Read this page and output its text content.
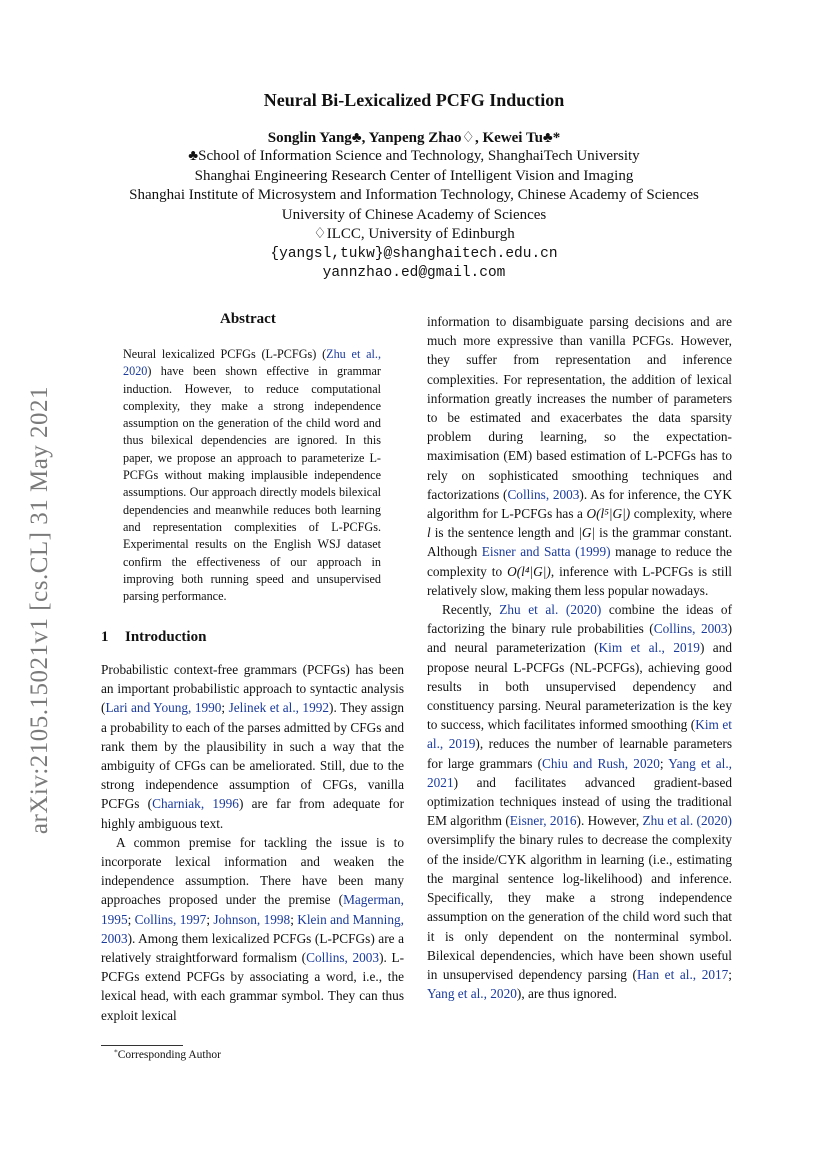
arXiv:2105.15021v1 [cs.CL] 31 May 2021
Neural Bi-Lexicalized PCFG Induction
Songlin Yang♣, Yanpeng Zhao♢, Kewei Tu♣*
♣School of Information Science and Technology, ShanghaiTech University
Shanghai Engineering Research Center of Intelligent Vision and Imaging
Shanghai Institute of Microsystem and Information Technology, Chinese Academy of Sciences
University of Chinese Academy of Sciences
♢ILCC, University of Edinburgh
{yangsl,tukw}@shanghaitech.edu.cn
yannzhao.ed@gmail.com
Abstract
Neural lexicalized PCFGs (L-PCFGs) (Zhu et al., 2020) have been shown effective in grammar induction. However, to reduce computational complexity, they make a strong independence assumption on the generation of the child word and thus bilexical dependencies are ignored. In this paper, we propose an approach to parameterize L-PCFGs without making implausible independence assumptions. Our approach directly models bilexical dependencies and meanwhile reduces both learning and representation complexities of L-PCFGs. Experimental results on the English WSJ dataset confirm the effectiveness of our approach in improving both running speed and unsupervised parsing performance.
1 Introduction

Probabilistic context-free grammars (PCFGs) has been an important probabilistic approach to syntactic analysis (Lari and Young, 1990; Jelinek et al., 1992). They assign a probability to each of the parses admitted by CFGs and rank them by the plausibility in such a way that the ambiguity of CFGs can be ameliorated. Still, due to the strong independence assumption of CFGs, vanilla PCFGs (Charniak, 1996) are far from adequate for highly ambiguous text.

A common premise for tackling the issue is to incorporate lexical information and weaken the independence assumption. There have been many approaches proposed under the premise (Magerman, 1995; Collins, 1997; Johnson, 1998; Klein and Manning, 2003). Among them lexicalized PCFGs (L-PCFGs) are a relatively straightforward formalism (Collins, 2003). L-PCFGs extend PCFGs by associating a word, i.e., the lexical head, with each grammar symbol. They can thus exploit lexical

information to disambiguate parsing decisions and are much more expressive than vanilla PCFGs. However, they suffer from representation and inference complexities. For representation, the addition of lexical information greatly increases the number of parameters to be estimated and exacerbates the data sparsity problem during learning, so the expectation-maximisation (EM) based estimation of L-PCFGs has to rely on sophisticated smoothing techniques and factorizations (Collins, 2003). As for inference, the CYK algorithm for L-PCFGs has a O(l⁵|G|) complexity, where l is the sentence length and |G| is the grammar constant. Although Eisner and Satta (1999) manage to reduce the complexity to O(l⁴|G|), inference with L-PCFGs is still relatively slow, making them less popular nowadays.

Recently, Zhu et al. (2020) combine the ideas of factorizing the binary rule probabilities (Collins, 2003) and neural parameterization (Kim et al., 2019) and propose neural L-PCFGs (NL-PCFGs), achieving good results in both unsupervised dependency and constituency parsing. Neural parameterization is the key to success, which facilitates informed smoothing (Kim et al., 2019), reduces the number of learnable parameters for large grammars (Chiu and Rush, 2020; Yang et al., 2021) and facilitates advanced gradient-based optimization techniques instead of using the traditional EM algorithm (Eisner, 2016). However, Zhu et al. (2020) oversimplify the binary rules to decrease the complexity of the inside/CYK algorithm in learning (i.e., estimating the marginal sentence log-likelihood) and inference. Specifically, they make a strong independence assumption on the generation of the child word such that it is only dependent on the nonterminal symbol. Bilexical dependencies, which have been shown useful in unsupervised dependency parsing (Han et al., 2017; Yang et al., 2020), are thus ignored.

*Corresponding Author
